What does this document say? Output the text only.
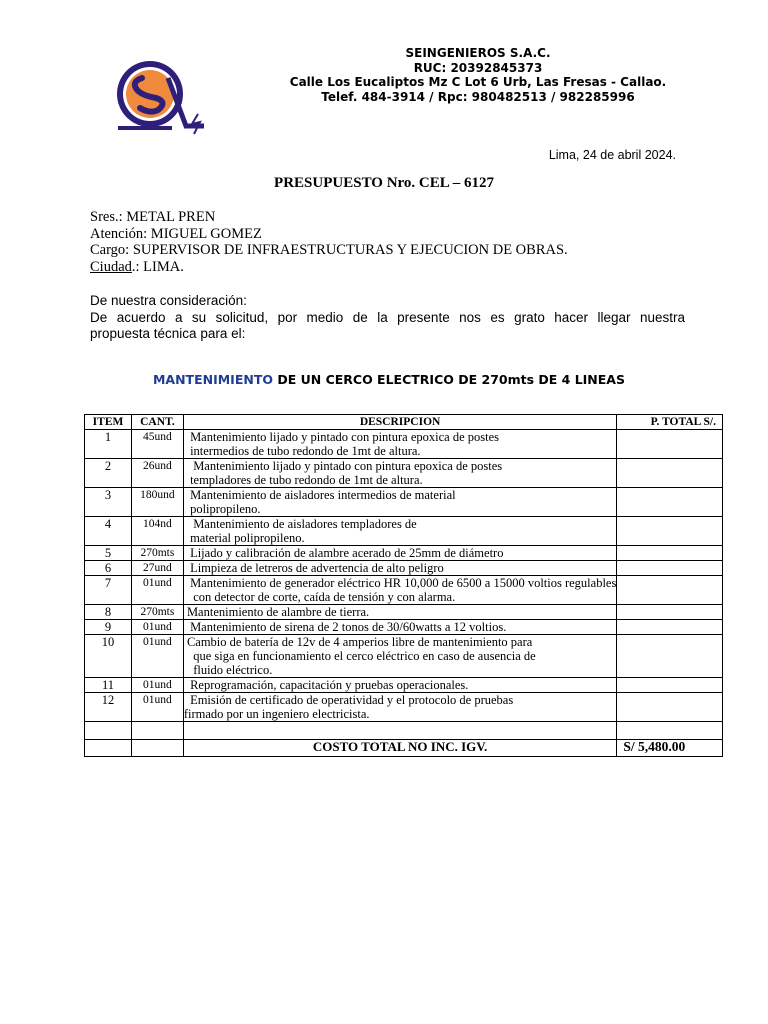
SEINGENIEROS S.A.C.
RUC: 20392845373
Calle Los Eucaliptos Mz C Lot 6 Urb, Las Fresas - Callao.
Telef. 484-3914 / Rpc: 980482513 / 982285996
Lima, 24 de abril 2024.
PRESUPUESTO Nro. CEL – 6127
Sres.: METAL PREN
Atención: MIGUEL GOMEZ
Cargo: SUPERVISOR DE INFRAESTRUCTURAS Y EJECUCION DE OBRAS.
Ciudad.: LIMA.
De nuestra consideración:
De acuerdo a su solicitud, por medio de la presente nos es grato hacer llegar nuestra
propuesta técnica para el:
MANTENIMIENTO DE UN CERCO ELECTRICO DE 270mts DE 4 LINEAS
ITEM	CANT.	DESCRIPCION	P. TOTAL S/.
1	45und	Mantenimiento lijado y pintado con pintura epoxica de postes
intermedios de tubo redondo de 1mt de altura.	

2	26und	Mantenimiento lijado y pintado con pintura epoxica de postes
templadores de tubo redondo de 1mt de altura.	

3	180und	Mantenimiento de aisladores intermedios de material
polipropileno.	

4	104nd	Mantenimiento de aisladores templadores de
material polipropileno.	

5	270mts	Lijado y calibración de alambre acerado de 25mm de diámetro	

6	27und	Limpieza de letreros de advertencia de alto peligro	

7	01und	Mantenimiento de generador eléctrico HR 10,000 de 6500 a 15000 voltios regulables
con detector de corte, caída de tensión y con alarma.	

8	270mts	Mantenimiento de alambre de tierra.	

9	01und	Mantenimiento de sirena de 2 tonos de 30/60watts a 12 voltios.	

10	01und	Cambio de batería de 12v de 4 amperios libre de mantenimiento para
que siga en funcionamiento el cerco eléctrico en caso de ausencia de
fluido eléctrico.	

11	01und	Reprogramación, capacitación y pruebas operacionales.	

12	01und	Emisión de certificado de operatividad y el protocolo de pruebas
firmado por un ingeniero electricista.	

		COSTO TOTAL NO INC. IGV.	S/ 5,480.00
